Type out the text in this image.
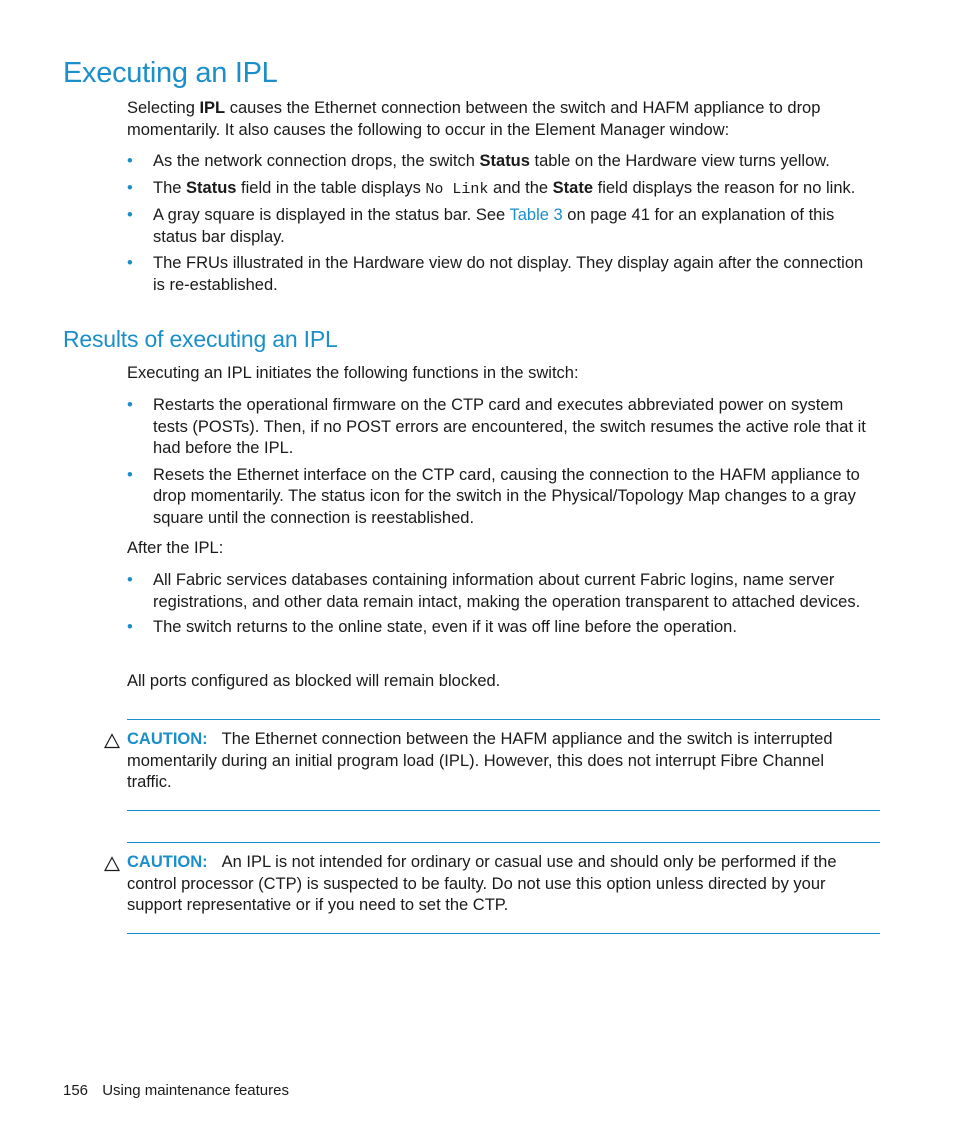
Executing an IPL

Selecting IPL causes the Ethernet connection between the switch and HAFM appliance to drop momentarily. It also causes the following to occur in the Element Manager window:

• As the network connection drops, the switch Status table on the Hardware view turns yellow.
• The Status field in the table displays No Link and the State field displays the reason for no link.
• A gray square is displayed in the status bar. See Table 3 on page 41 for an explanation of this status bar display.
• The FRUs illustrated in the Hardware view do not display. They display again after the connection is re-established.
Results of executing an IPL

Executing an IPL initiates the following functions in the switch:

• Restarts the operational firmware on the CTP card and executes abbreviated power on system tests (POSTs). Then, if no POST errors are encountered, the switch resumes the active role that it had before the IPL.
• Resets the Ethernet interface on the CTP card, causing the connection to the HAFM appliance to drop momentarily. The status icon for the switch in the Physical/Topology Map changes to a gray square until the connection is reestablished.

After the IPL:

• All Fabric services databases containing information about current Fabric logins, name server registrations, and other data remain intact, making the operation transparent to attached devices.
• The switch returns to the online state, even if it was off line before the operation.

All ports configured as blocked will remain blocked.

CAUTION: The Ethernet connection between the HAFM appliance and the switch is interrupted momentarily during an initial program load (IPL). However, this does not interrupt Fibre Channel traffic.

CAUTION: An IPL is not intended for ordinary or casual use and should only be performed if the control processor (CTP) is suspected to be faulty. Do not use this option unless directed by your support representative or if you need to set the CTP.

156 Using maintenance features
